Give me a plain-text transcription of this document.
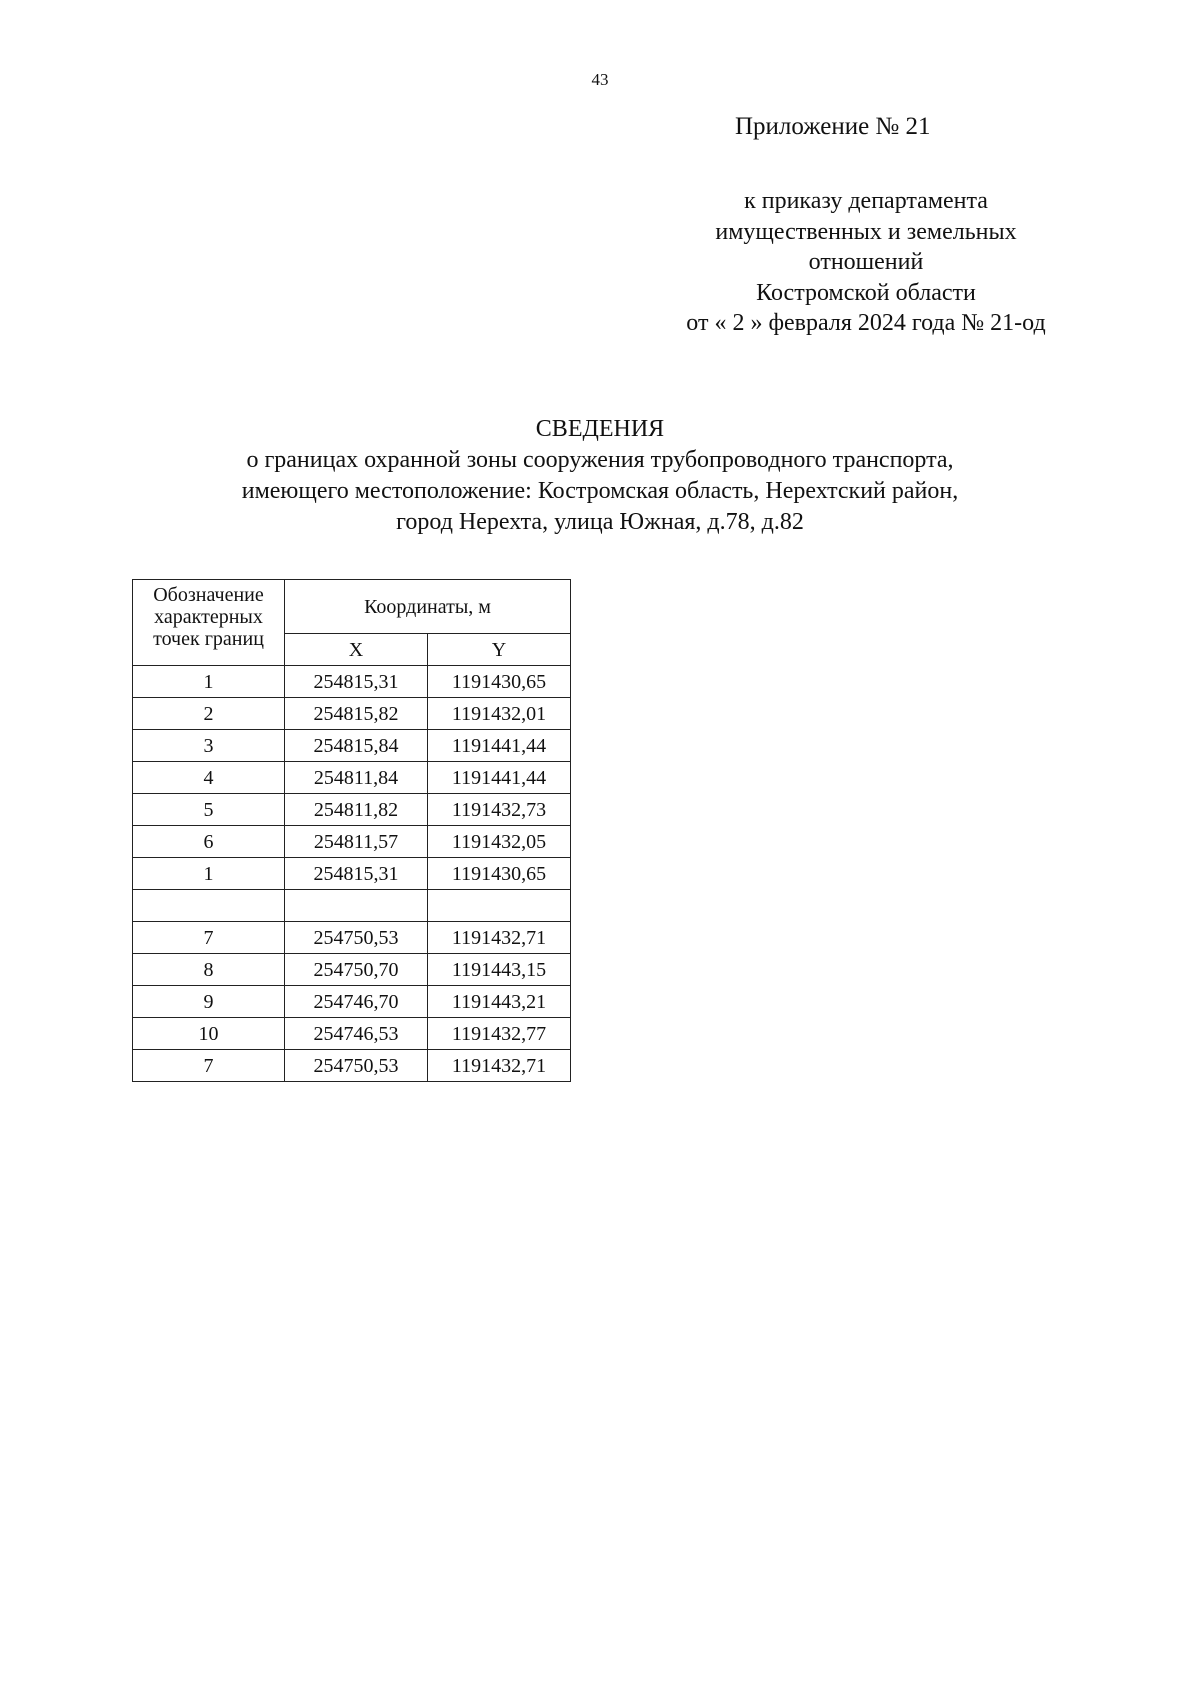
43
Приложение № 21
к приказу департамента
имущественных и земельных
отношений
Костромской области
от « 2 » февраля 2024 года № 21-од
СВЕДЕНИЯ
о границах охранной зоны сооружения трубопроводного транспорта,
имеющего местоположение: Костромская область, Нерехтский район,
город Нерехта, улица Южная, д.78, д.82
Обозначение характерных точек границ	Координаты, м	
	X	Y
1	254815,31	1191430,65
2	254815,82	1191432,01
3	254815,84	1191441,44
4	254811,84	1191441,44
5	254811,82	1191432,73
6	254811,57	1191432,05
1	254815,31	1191430,65

7	254750,53	1191432,71
8	254750,70	1191443,15
9	254746,70	1191443,21
10	254746,53	1191432,77
7	254750,53	1191432,71
